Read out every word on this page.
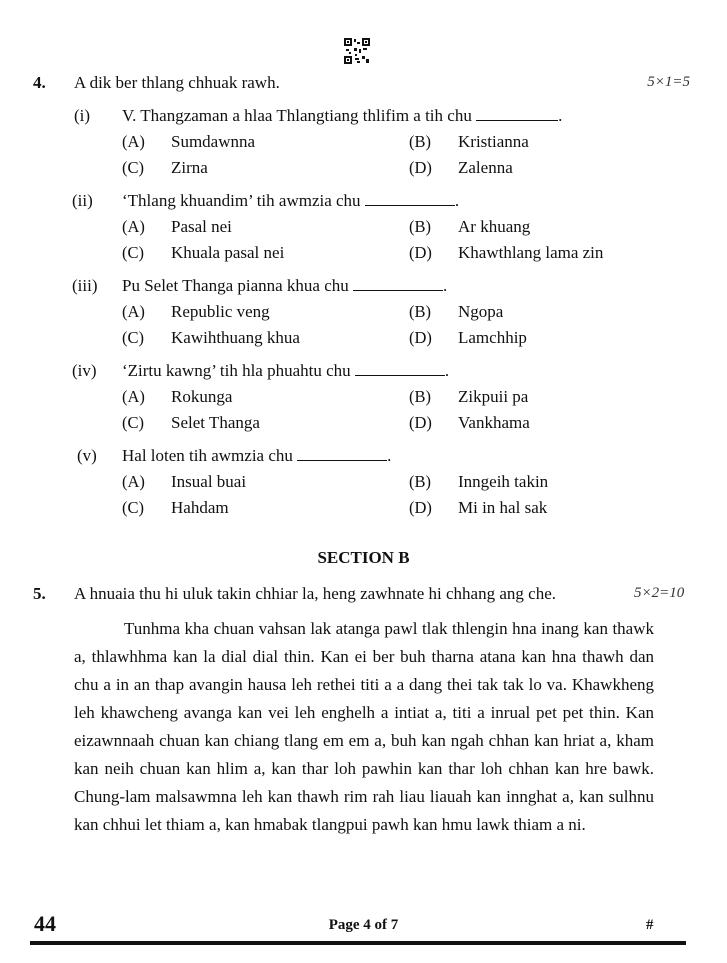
4. A dik ber thlang chhuak rawh.	5×1=5
(i) V. Thangzaman a hlaa Thlangtiang thlifim a tih chu	.
(A) Sumdawnna	(B) Kristianna
(C) Zirna	(D) Zalenna
(ii) ‘Thlang khuandim’ tih awmzia chu	.
(A) Pasal nei	(B) Ar khuang
(C) Khuala pasal nei	(D) Khawthlang lama zin
(iii) Pu Selet Thanga pianna khua chu	.
(A) Republic veng	(B) Ngopa
(C) Kawihthuang khua	(D) Lamchhip
(iv) ‘Zirtu kawng’ tih hla phuahtu chu	.
(A) Rokunga	(B) Zikpuii pa
(C) Selet Thanga	(D) Vankhama
(v) Hal loten tih awmzia chu	.
(A) Insual buai	(B) Inngeih takin
(C) Hahdam	(D) Mi in hal sak
SECTION B
5. A hnuaia thu hi uluk takin chhiar la, heng zawhnate hi chhang ang che.	5×2=10

Tunhma kha chuan vahsan lak atanga pawl tlak thlengin hna inang kan thawk a, thlawhhma kan la dial dial thin. Kan ei ber buh tharna atana kan hna thawh dan chu a in an thap avangin hausa leh rethei titi a a dang thei tak tak lo va. Khawkheng leh khawcheng avanga kan vei leh enghelh a intiat a, titi a inrual pet pet thin. Kan eizawnnaah chuan kan chiang tlang em em a, buh kan ngah chhan kan hriat a, kham kan neih chuan kan hlim a, kan thar loh pawhin kan thar loh chhan kan hre bawk. Chung-lam malsawmna leh kan thawh rim rah liau liauah kan innghat a, kan sulhnu kan chhui let thiam a, kan hmabak tlangpui pawh kan hmu lawk thiam a ni.

44	Page 4 of 7	#
